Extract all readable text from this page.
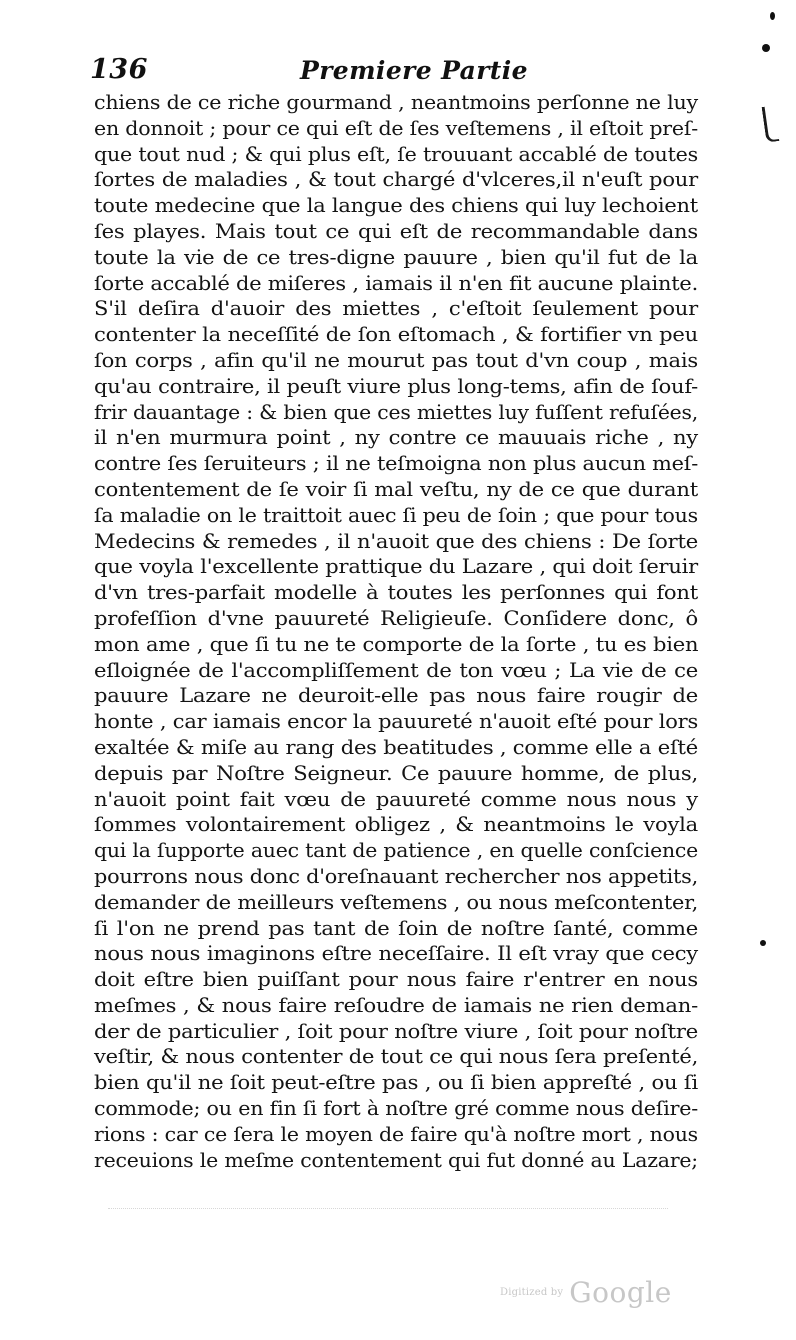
136	Premiere Partie
chiens de ce riche gourmand , neantmoins perſonne ne luy
en donnoit ; pour ce qui eſt de ſes veſtemens , il eſtoit preſ-
que tout nud ; & qui plus eſt, ſe trouuant accablé de toutes
ſortes de maladies , & tout chargé d'vlceres,il n'euſt pour
toute medecine que la langue des chiens qui luy lechoient
ſes playes. Mais tout ce qui eſt de recommandable dans
toute la vie de ce tres-digne pauure , bien qu'il fut de la
ſorte accablé de miſeres , iamais il n'en fit aucune plainte.
S'il deſira d'auoir des miettes , c'eſtoit ſeulement pour
contenter la neceſſité de ſon eſtomach , & fortifier vn peu
ſon corps , afin qu'il ne mourut pas tout d'vn coup , mais
qu'au contraire, il peuſt viure plus long-tems, afin de ſouf-
frir dauantage : & bien que ces miettes luy fuſſent refuſées,
il n'en murmura point , ny contre ce mauuais riche , ny
contre ſes ſeruiteurs ; il ne teſmoigna non plus aucun meſ-
contentement de ſe voir ſi mal veſtu, ny de ce que durant
ſa maladie on le traittoit auec ſi peu de ſoin ; que pour tous
Medecins & remedes , il n'auoit que des chiens : De ſorte
que voyla l'excellente prattique du Lazare , qui doit ſeruir
d'vn tres-parfait modelle à toutes les perſonnes qui font
profeſſion d'vne pauureté Religieuſe. Conſidere donc, ô
mon ame , que ſi tu ne te comporte de la ſorte , tu es bien
eſloignée de l'accompliſſement de ton vœu ; La vie de ce
pauure Lazare ne deuroit-elle pas nous faire rougir de
honte , car iamais encor la pauureté n'auoit eſté pour lors
exaltée & miſe au rang des beatitudes , comme elle a eſté
depuis par Noſtre Seigneur. Ce pauure homme, de plus,
n'auoit point fait vœu de pauureté comme nous nous y
ſommes volontairement obligez , & neantmoins le voyla
qui la ſupporte auec tant de patience , en quelle conſcience
pourrons nous donc d'oreſnauant rechercher nos appetits,
demander de meilleurs veſtemens , ou nous meſcontenter,
ſi l'on ne prend pas tant de ſoin de noſtre ſanté, comme
nous nous imaginons eſtre neceſſaire. Il eſt vray que cecy
doit eſtre bien puiſſant pour nous faire r'entrer en nous
meſmes , & nous faire reſoudre de iamais ne rien deman-
der de particulier , ſoit pour noſtre viure , ſoit pour noſtre
veſtir, & nous contenter de tout ce qui nous ſera preſenté,
bien qu'il ne ſoit peut-eſtre pas , ou ſi bien appreſté , ou ſi
commode; ou en fin ſi fort à noſtre gré comme nous deſire-
rions : car ce ſera le moyen de faire qu'à noſtre mort , nous
receuions le meſme contentement qui fut donné au Lazare;
Digitized by Google
